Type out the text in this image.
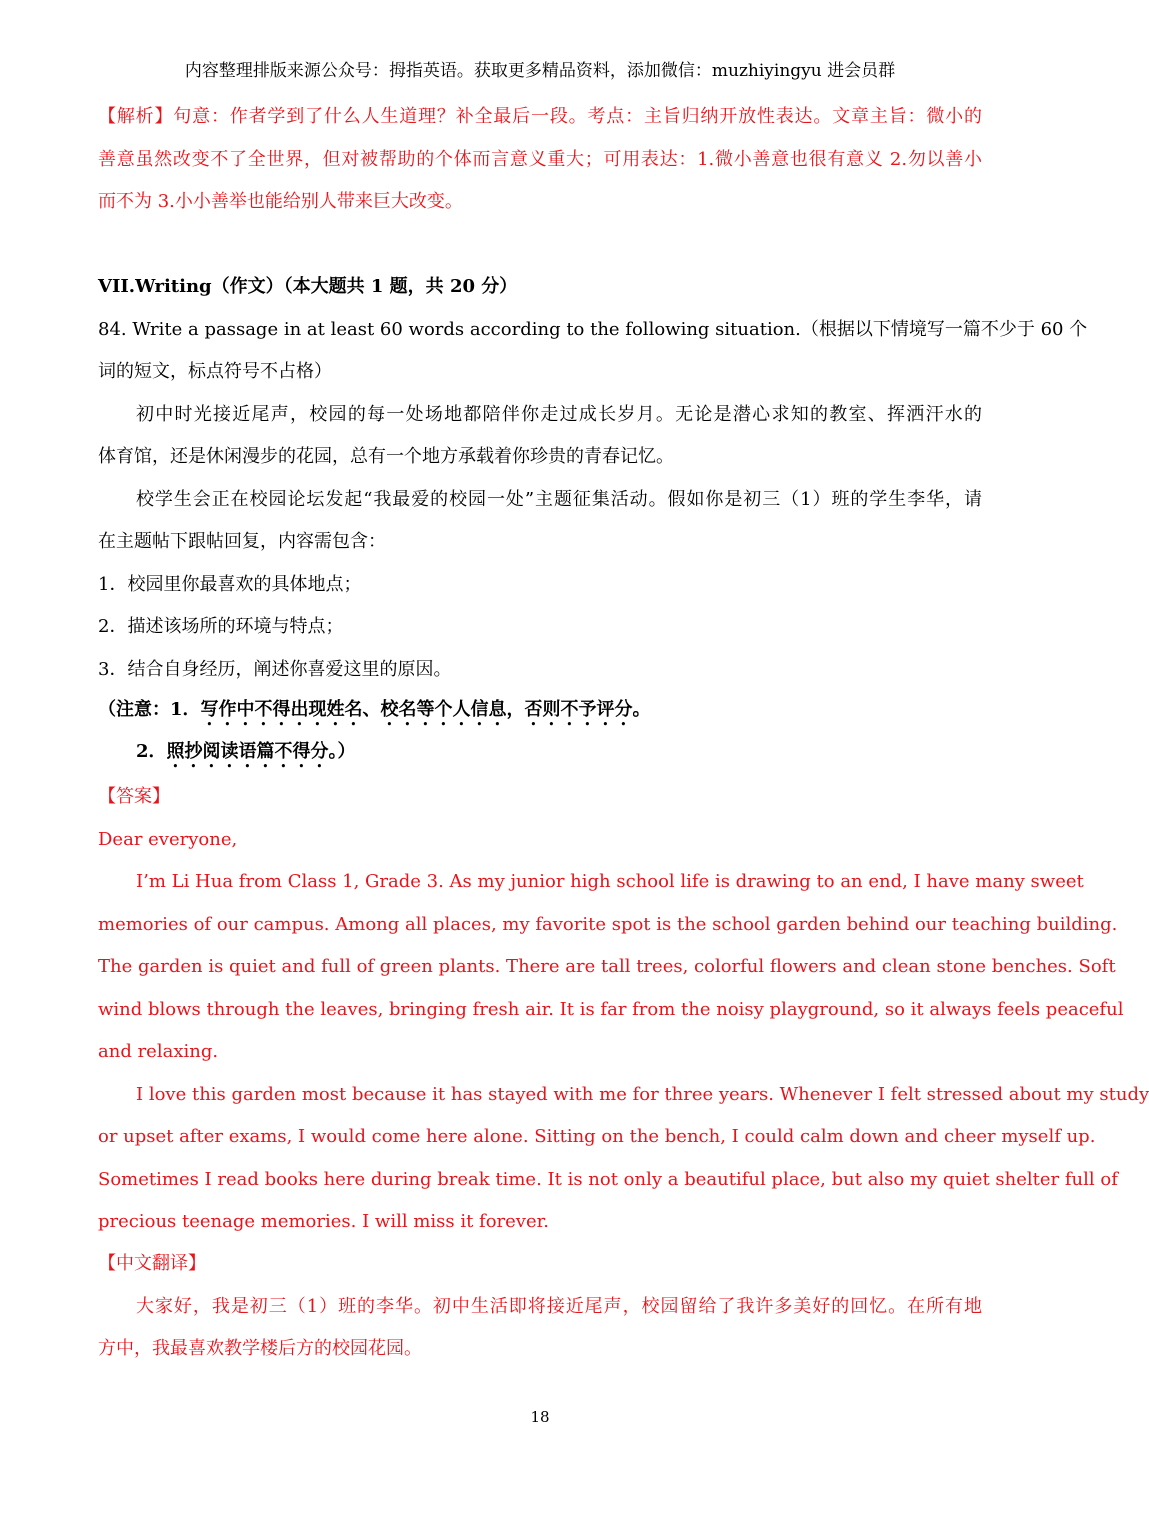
内容整理排版来源公众号：拇指英语。获取更多精品资料，添加微信：muzhiyingyu 进会员群
【解析】句意：作者学到了什么人生道理？补全最后一段。考点：主旨归纳开放性表达。文章主旨：微小的
善意虽然改变不了全世界，但对被帮助的个体而言意义重大；可用表达：1.微小善意也很有意义 2.勿以善小
而不为 3.小小善举也能给别人带来巨大改变。
VII.Writing（作文）（本大题共 1 题，共 20 分）
84. Write a passage in at least 60 words according to the following situation.（根据以下情境写一篇不少于 60 个
词的短文，标点符号不占格）
初中时光接近尾声，校园的每一处场地都陪伴你走过成长岁月。无论是潜心求知的教室、挥洒汗水的
体育馆，还是休闲漫步的花园，总有一个地方承载着你珍贵的青春记忆。
校学生会正在校园论坛发起“我最爱的校园一处”主题征集活动。假如你是初三（1）班的学生李华，请
在主题帖下跟帖回复，内容需包含：
1．校园里你最喜欢的具体地点；
2．描述该场所的环境与特点；
3．结合自身经历，阐述你喜爱这里的原因。
（注意：1．写作中不得出现姓名、校名等个人信息，否则不予评分。
2．照抄阅读语篇不得分。）
【答案】
Dear everyone,
I’m Li Hua from Class 1, Grade 3. As my junior high school life is drawing to an end, I have many sweet
memories of our campus. Among all places, my favorite spot is the school garden behind our teaching building.
The garden is quiet and full of green plants. There are tall trees, colorful flowers and clean stone benches. Soft
wind blows through the leaves, bringing fresh air. It is far from the noisy playground, so it always feels peaceful
and relaxing.
I love this garden most because it has stayed with me for three years. Whenever I felt stressed about my study
or upset after exams, I would come here alone. Sitting on the bench, I could calm down and cheer myself up.
Sometimes I read books here during break time. It is not only a beautiful place, but also my quiet shelter full of
precious teenage memories. I will miss it forever.
【中文翻译】
大家好，我是初三（1）班的李华。初中生活即将接近尾声，校园留给了我许多美好的回忆。在所有地
方中，我最喜欢教学楼后方的校园花园。
18
